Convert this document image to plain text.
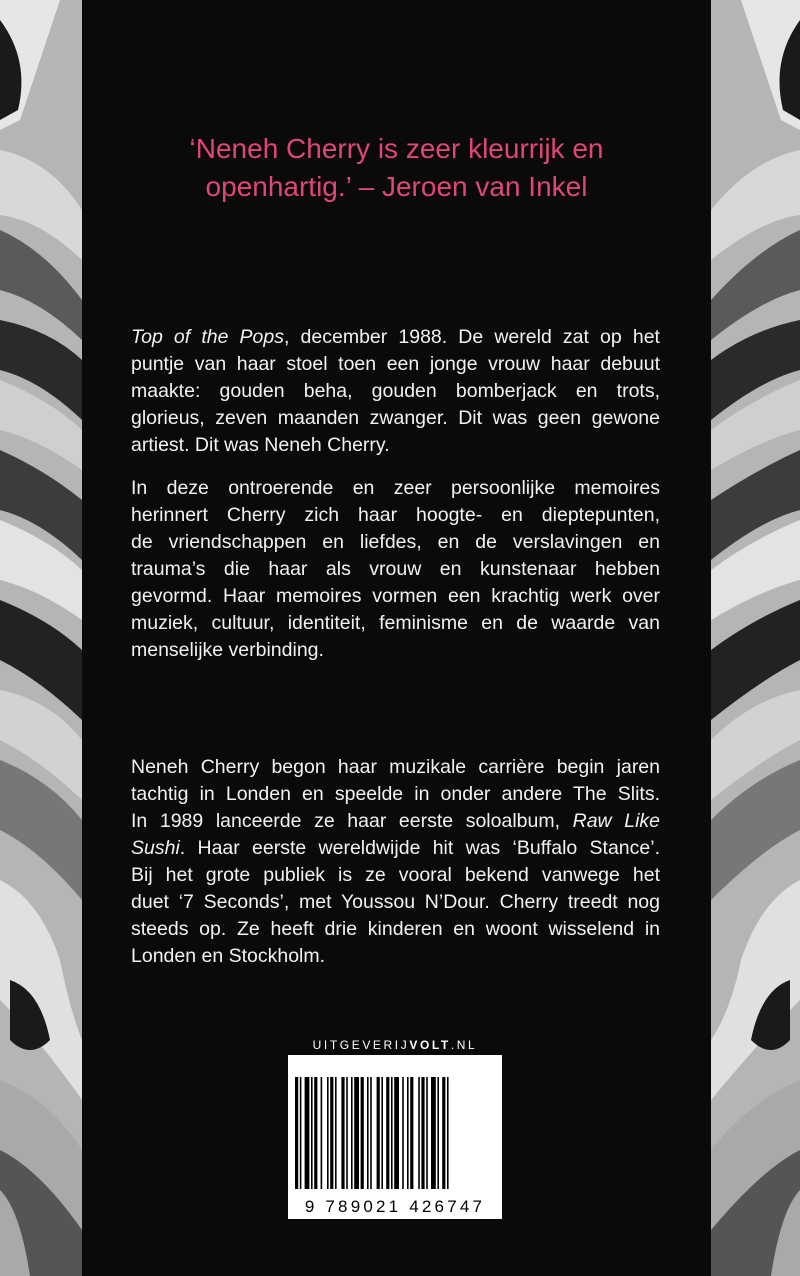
‘Neneh Cherry is zeer kleurrijk en
openhartig.’ – Jeroen van Inkel

Top of the Pops, december 1988. De wereld zat op het
puntje van haar stoel toen een jonge vrouw haar debuut
maakte: gouden beha, gouden bomberjack en trots,
glorieus, zeven maanden zwanger. Dit was geen gewone
artiest. Dit was Neneh Cherry.

In deze ontroerende en zeer persoonlijke memoires
herinnert Cherry zich haar hoogte- en dieptepunten,
de vriendschappen en liefdes, en de verslavingen en
trauma’s die haar als vrouw en kunstenaar hebben
gevormd. Haar memoires vormen een krachtig werk over
muziek, cultuur, identiteit, feminisme en de waarde van
menselijke verbinding.

Neneh Cherry begon haar muzikale carrière begin jaren
tachtig in Londen en speelde in onder andere The Slits.
In 1989 lanceerde ze haar eerste soloalbum, Raw Like
Sushi. Haar eerste wereldwijde hit was ‘Buffalo Stance’.
Bij het grote publiek is ze vooral bekend vanwege het
duet ‘7 Seconds’, met Youssou N’Dour. Cherry treedt nog
steeds op. Ze heeft drie kinderen en woont wisselend in
Londen en Stockholm.

UITGEVERIJVOLT.NL
9 789021 426747
